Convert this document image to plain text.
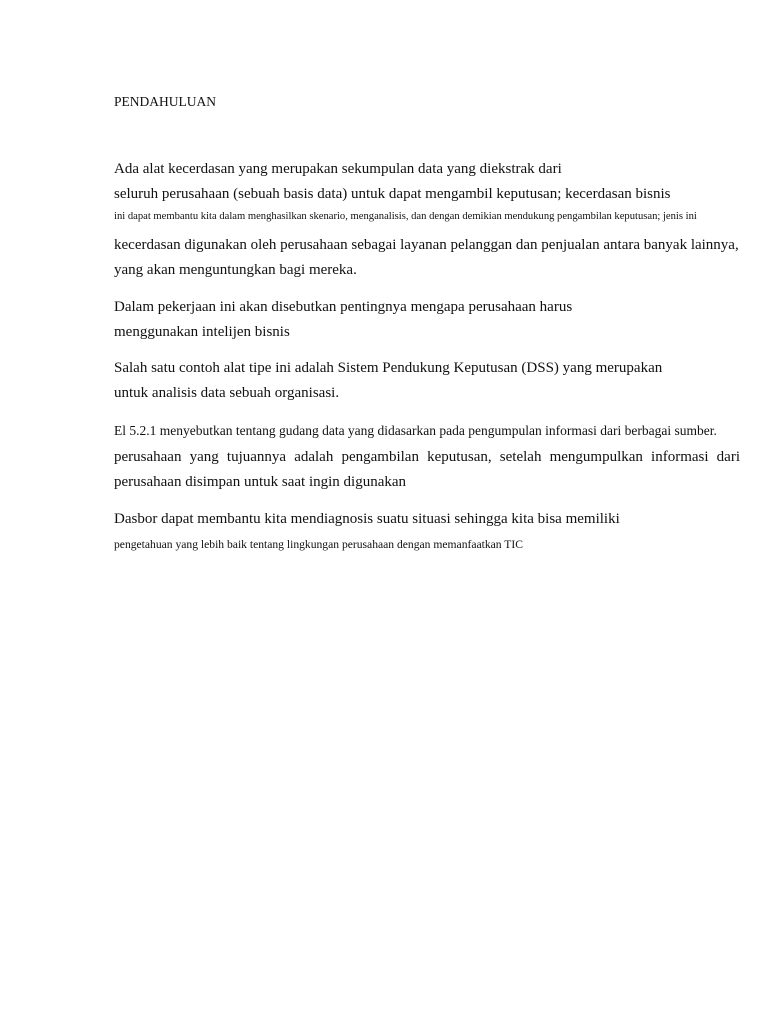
PENDAHULUAN
Ada alat kecerdasan yang merupakan sekumpulan data yang diekstrak dari
seluruh perusahaan (sebuah basis data) untuk dapat mengambil keputusan; kecerdasan bisnis
ini dapat membantu kita dalam menghasilkan skenario, menganalisis, dan dengan demikian mendukung pengambilan keputusan; jenis ini
kecerdasan digunakan oleh perusahaan sebagai layanan pelanggan dan penjualan antara banyak lainnya,
yang akan menguntungkan bagi mereka.
Dalam pekerjaan ini akan disebutkan pentingnya mengapa perusahaan harus
menggunakan intelijen bisnis
Salah satu contoh alat tipe ini adalah Sistem Pendukung Keputusan (DSS) yang merupakan
untuk analisis data sebuah organisasi.
El 5.2.1 menyebutkan tentang gudang data yang didasarkan pada pengumpulan informasi dari berbagai sumber.
perusahaan yang tujuannya adalah pengambilan keputusan, setelah mengumpulkan informasi dari
perusahaan disimpan untuk saat ingin digunakan
Dasbor dapat membantu kita mendiagnosis suatu situasi sehingga kita bisa memiliki
pengetahuan yang lebih baik tentang lingkungan perusahaan dengan memanfaatkan TIC
